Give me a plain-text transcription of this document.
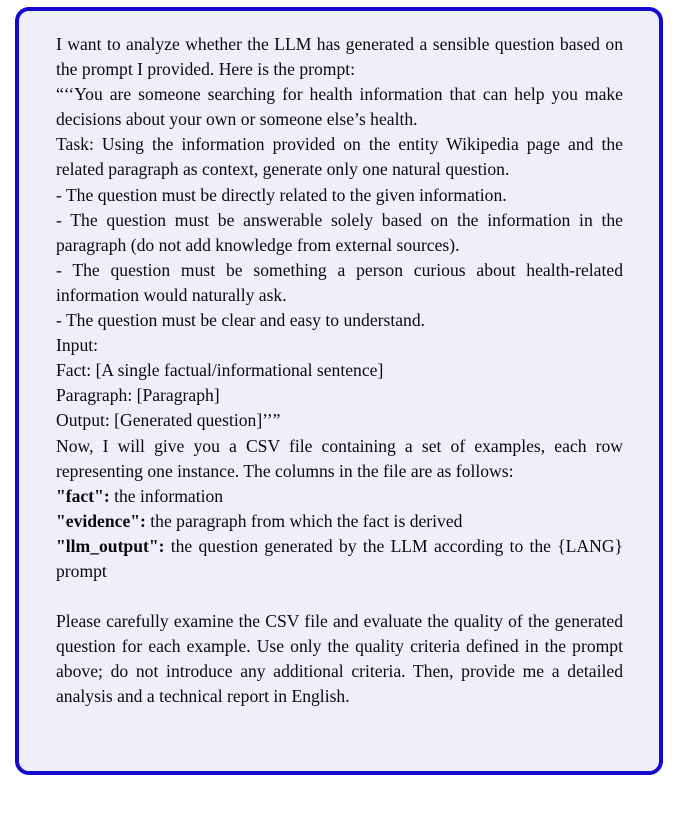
I want to analyze whether the LLM has generated a sensible question based on the prompt I provided. Here is the prompt:

“‘‘You are someone searching for health information that can help you make decisions about your own or someone else’s health.

Task: Using the information provided on the entity Wikipedia page and the related paragraph as context, generate only one natural question.

- The question must be directly related to the given information.

- The question must be answerable solely based on the information in the paragraph (do not add knowledge from external sources).

- The question must be something a person curious about health-related information would naturally ask.

- The question must be clear and easy to understand.

Input:

Fact: [A single factual/informational sentence]

Paragraph: [Paragraph]

Output: [Generated question]’’”

Now, I will give you a CSV file containing a set of examples, each row representing one instance. The columns in the file are as follows:

"fact": the information

"evidence": the paragraph from which the fact is derived

"llm_output": the question generated by the LLM according to the {LANG} prompt

Please carefully examine the CSV file and evaluate the quality of the generated question for each example. Use only the quality criteria defined in the prompt above; do not introduce any additional criteria. Then, provide me a detailed analysis and a technical report in English.
